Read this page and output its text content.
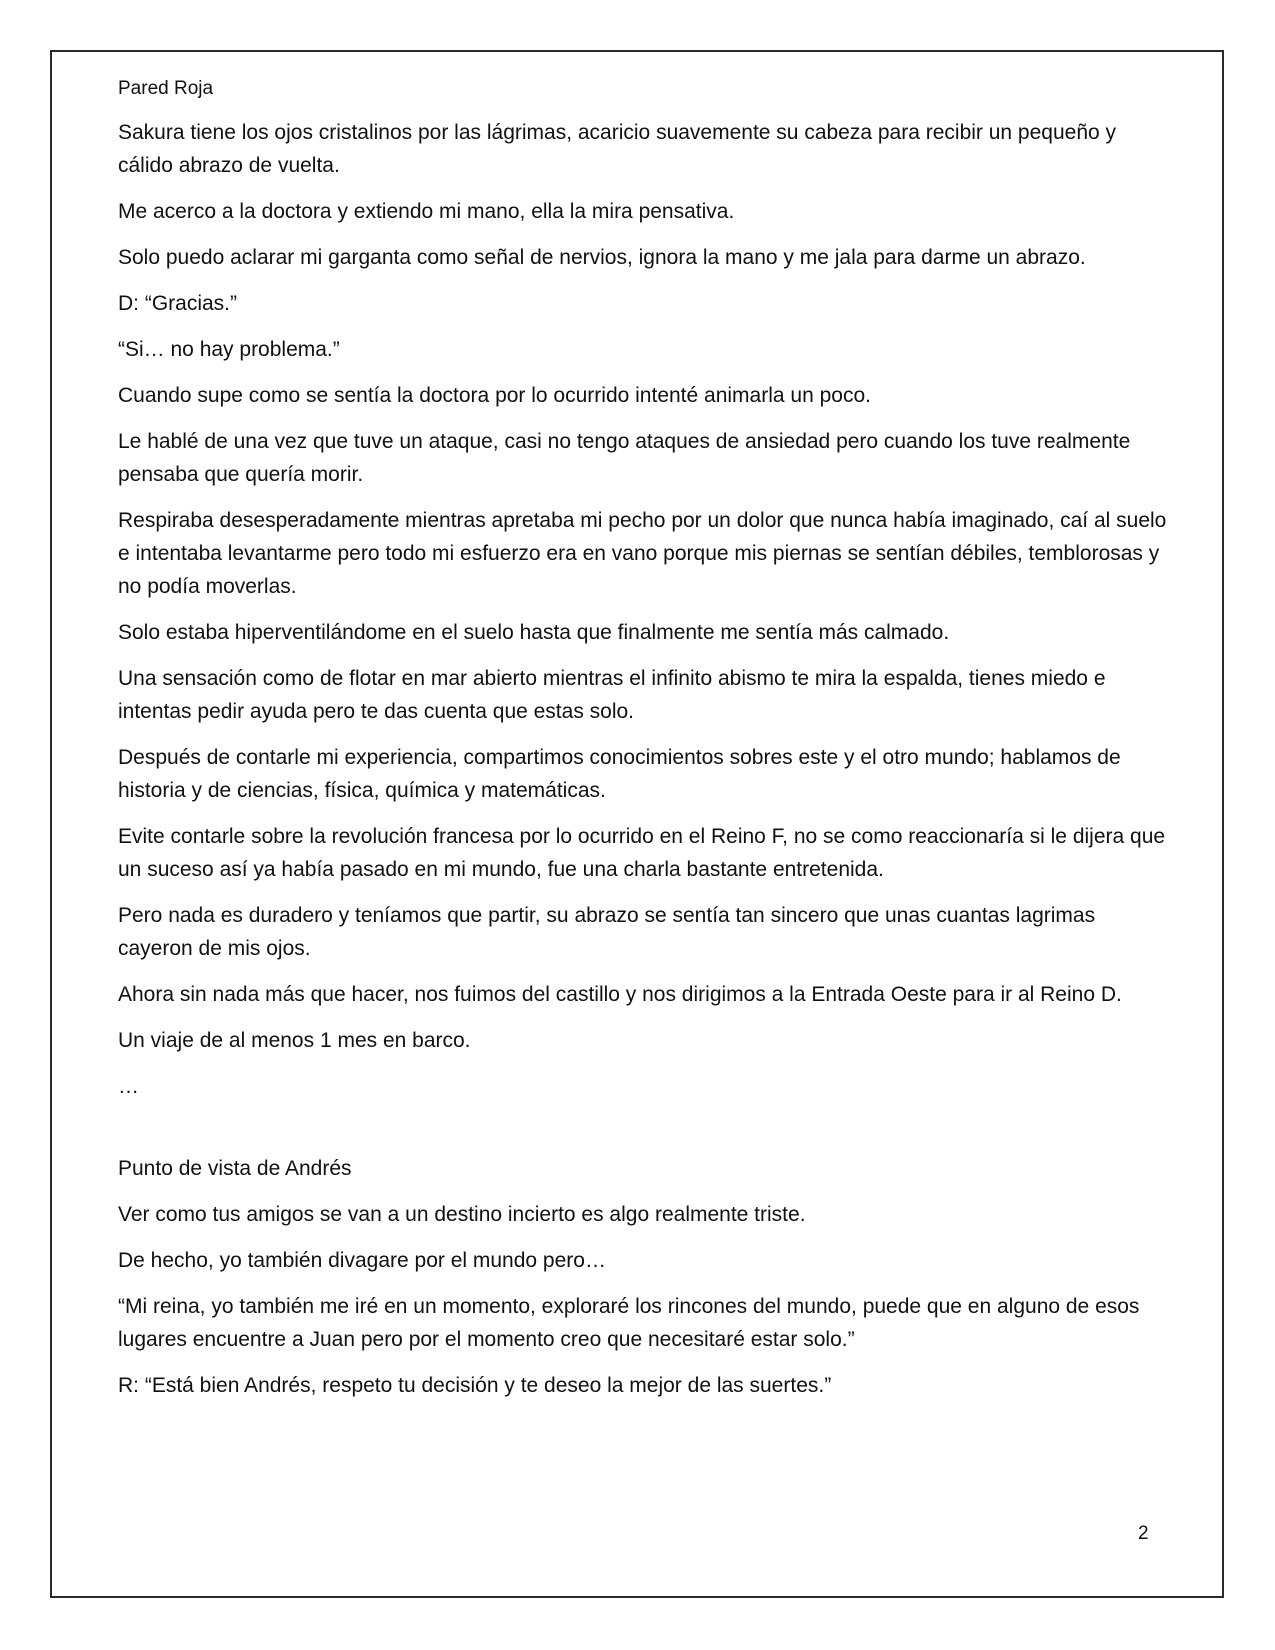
Pared Roja

Sakura tiene los ojos cristalinos por las lágrimas, acaricio suavemente su cabeza para recibir un pequeño y cálido abrazo de vuelta.

Me acerco a la doctora y extiendo mi mano, ella la mira pensativa.

Solo puedo aclarar mi garganta como señal de nervios, ignora la mano y me jala para darme un abrazo.

D: “Gracias.”

“Si… no hay problema.”

Cuando supe como se sentía la doctora por lo ocurrido intenté animarla un poco.

Le hablé de una vez que tuve un ataque, casi no tengo ataques de ansiedad pero cuando los tuve realmente pensaba que quería morir.

Respiraba desesperadamente mientras apretaba mi pecho por un dolor que nunca había imaginado, caí al suelo e intentaba levantarme pero todo mi esfuerzo era en vano porque mis piernas se sentían débiles, temblorosas y no podía moverlas.

Solo estaba hiperventilándome en el suelo hasta que finalmente me sentía más calmado.

Una sensación como de flotar en mar abierto mientras el infinito abismo te mira la espalda, tienes miedo e intentas pedir ayuda pero te das cuenta que estas solo.

Después de contarle mi experiencia, compartimos conocimientos sobres este y el otro mundo; hablamos de historia y de ciencias, física, química y matemáticas.

Evite contarle sobre la revolución francesa por lo ocurrido en el Reino F, no se como reaccionaría si le dijera que un suceso así ya había pasado en mi mundo, fue una charla bastante entretenida.

Pero nada es duradero y teníamos que partir, su abrazo se sentía tan sincero que unas cuantas lagrimas cayeron de mis ojos.

Ahora sin nada más que hacer, nos fuimos del castillo y nos dirigimos a la Entrada Oeste para ir al Reino D.

Un viaje de al menos 1 mes en barco.

…

Punto de vista de Andrés

Ver como tus amigos se van a un destino incierto es algo realmente triste.

De hecho, yo también divagare por el mundo pero…

“Mi reina, yo también me iré en un momento, exploraré los rincones del mundo, puede que en alguno de esos lugares encuentre a Juan pero por el momento creo que necesitaré estar solo.”

R: “Está bien Andrés, respeto tu decisión y te deseo la mejor de las suertes.”

2
